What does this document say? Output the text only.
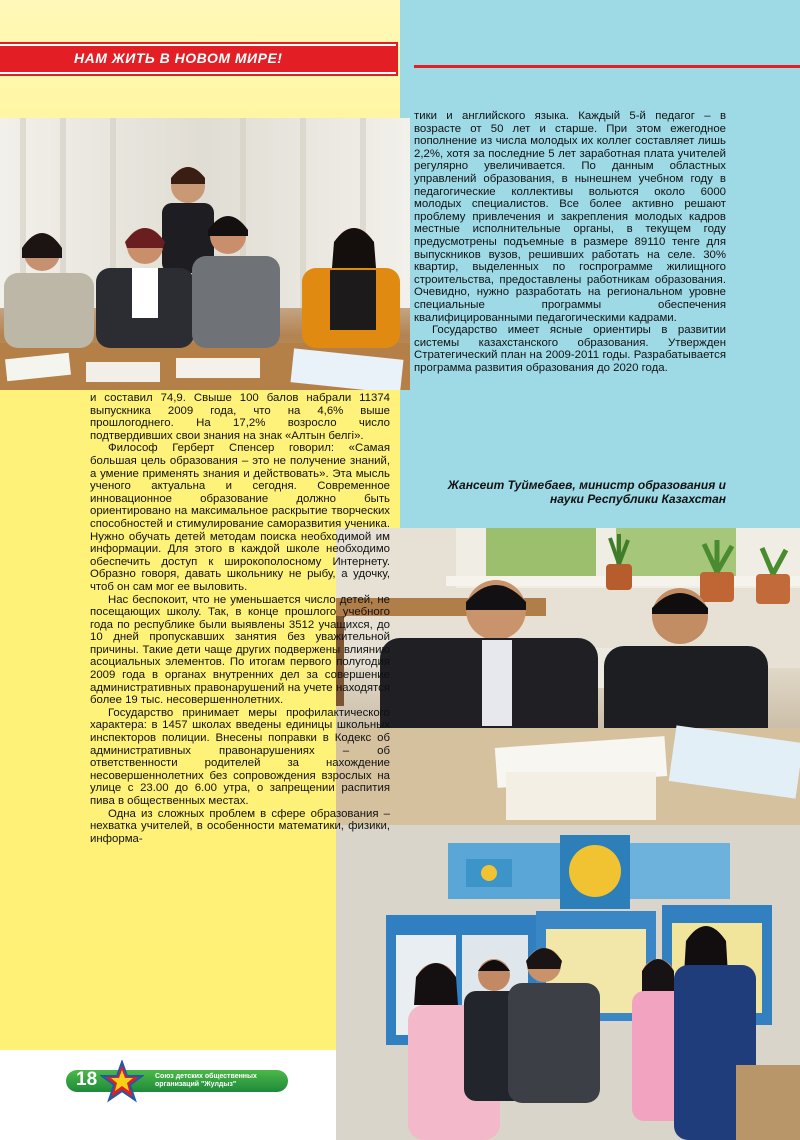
НАМ ЖИТЬ В НОВОМ МИРЕ!

и составил 74,9. Свыше 100 балов набрали 11374 выпускника 2009 года, что на 4,6% выше прошлогоднего. На 17,2% возросло число подтвердивших свои знания на знак «Алтын белгі».

Философ Герберт Спенсер говорил: «Самая большая цель образования – это не получение знаний, а умение применять знания и действовать». Эта мысль ученого актуальна и сегодня. Современное инновационное образование должно быть ориентировано на максимальное раскрытие творческих способностей и стимулирование саморазвития ученика. Нужно обучать детей методам поиска необходимой им информации. Для этого в каждой школе необходимо обеспечить доступ к широкополосному Интернету. Образно говоря, давать школьнику не рыбу, а удочку, чтоб он сам мог ее выловить.

Нас беспокоит, что не уменьшается число детей, не посещающих школу. Так, в конце прошлого учебного года по республике были выявлены 3512 учащихся, до 10 дней пропускавших занятия без уважительной причины. Такие дети чаще других подвержены влиянию асоциальных элементов. По итогам первого полугодия 2009 года в органах внутренних дел за совершение административных правонарушений на учете находятся более 19 тыс. несовершеннолетних.

Государство принимает меры профилактического характера: в 1457 школах введены единицы школьных инспекторов полиции. Внесены поправки в Кодекс об административных правонарушениях – об ответственности родителей за нахождение несовершеннолетних без сопровождения взрослых на улице с 23.00 до 6.00 утра, о запрещении распития пива в общественных местах.

Одна из сложных проблем в сфере образования – нехватка учителей, в особенности математики, физики, информа-

тики и английского языка. Каждый 5-й педагог – в возрасте от 50 лет и старше. При этом ежегодное пополнение из числа молодых их коллег составляет лишь 2,2%, хотя за последние 5 лет заработная плата учителей регулярно увеличивается. По данным областных управлений образования, в нынешнем учебном году в педагогические коллективы вольются около 6000 молодых специалистов. Все более активно решают проблему привлечения и закрепления молодых кадров местные исполнительные органы, в текущем году предусмотрены подъемные в размере 89110 тенге для выпускников вузов, решивших работать на селе. 30% квартир, выделенных по госпрограмме жилищного строительства, предоставлены работникам образования. Очевидно, нужно разработать на региональном уровне специальные программы обеспечения квалифицированными педагогическими кадрами.

Государство имеет ясные ориентиры в развитии системы казахстанского образования. Утвержден Стратегический план на 2009-2011 годы. Разрабатывается программа развития образования до 2020 года.

Жансеит Туймебаев, министр образования и
науки Республики Казахстан
18	Союз детских общественных
организаций "Жулдыз"
